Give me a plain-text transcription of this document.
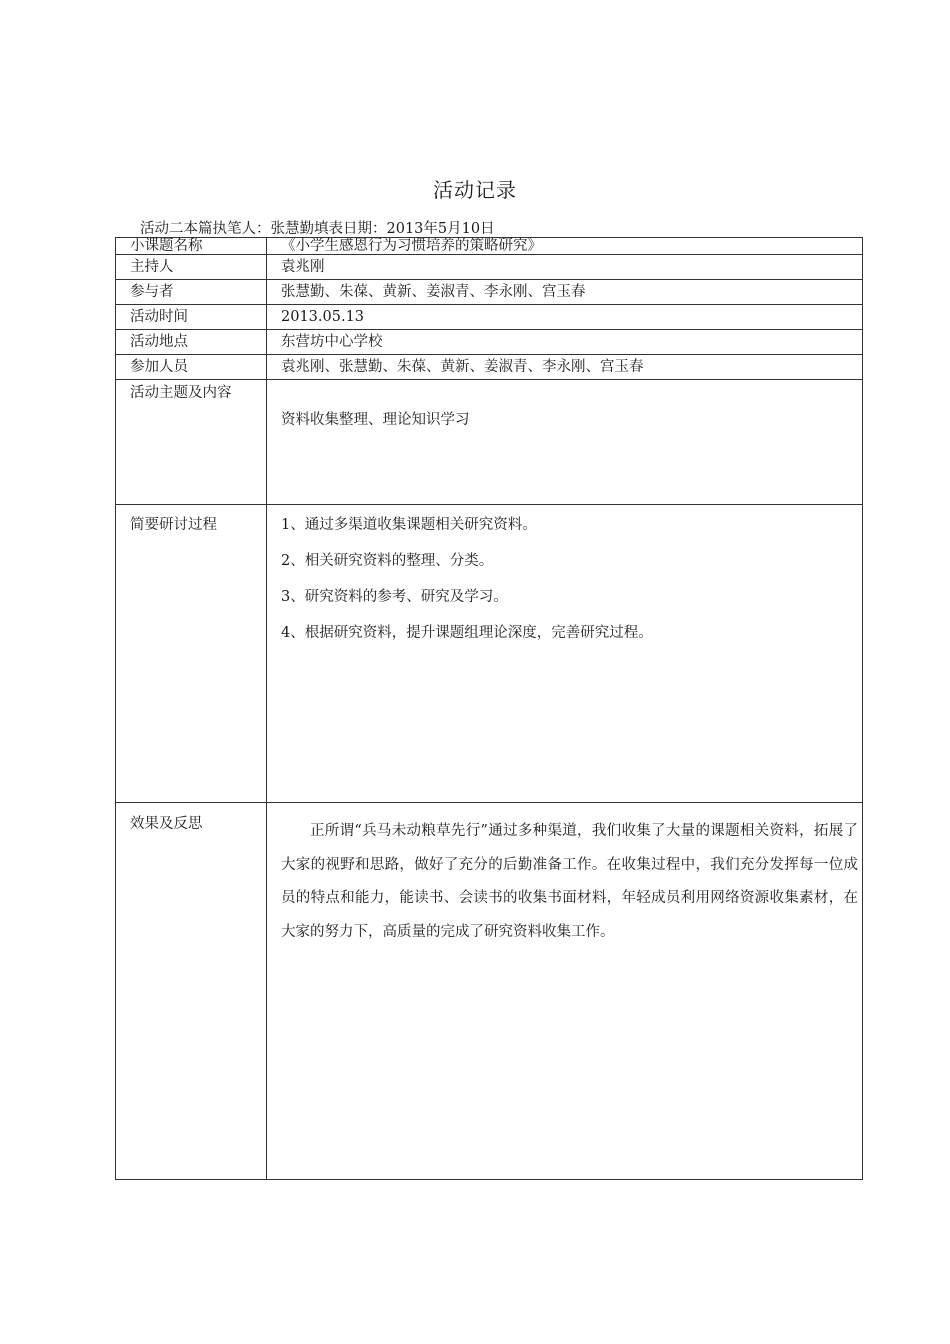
活动记录
活动二本篇执笔人：张慧勤填表日期：2013年5月10日
小课题名称	《小学生感恩行为习惯培养的策略研究》
主持人	袁兆刚
参与者	张慧勤、朱葆、黄新、姜淑青、李永刚、宫玉春
活动时间	2013.05.13
活动地点	东营坊中心学校
参加人员	袁兆刚、张慧勤、朱葆、黄新、姜淑青、李永刚、宫玉春

活动主题及内容	资料收集整理、理论知识学习

简要研讨过程	1、通过多渠道收集课题相关研究资料。
2、相关研究资料的整理、分类。
3、研究资料的参考、研究及学习。
4、根据研究资料，提升课题组理论深度，完善研究过程。

效果及反思	正所谓“兵马未动粮草先行”通过多种渠道，我们收集了大量的课题相关资料，拓展了大家的视野和思路，做好了充分的后勤准备工作。在收集过程中，我们充分发挥每一位成员的特点和能力，能读书、会读书的收集书面材料，年轻成员利用网络资源收集素材，在大家的努力下，高质量的完成了研究资料收集工作。
